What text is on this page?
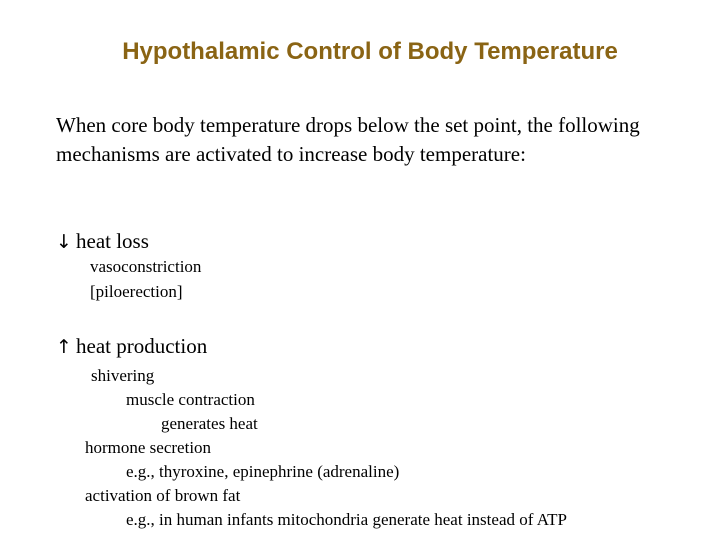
Hypothalamic Control of Body Temperature

When core body temperature drops below the set point, the following mechanisms are activated to increase body temperature:

↓ heat loss
vasoconstriction
[piloerection]
↑ heat production
shivering
muscle contraction
generates heat
hormone secretion
e.g., thyroxine, epinephrine (adrenaline)
activation of brown fat
e.g., in human infants mitochondria generate heat instead of ATP
